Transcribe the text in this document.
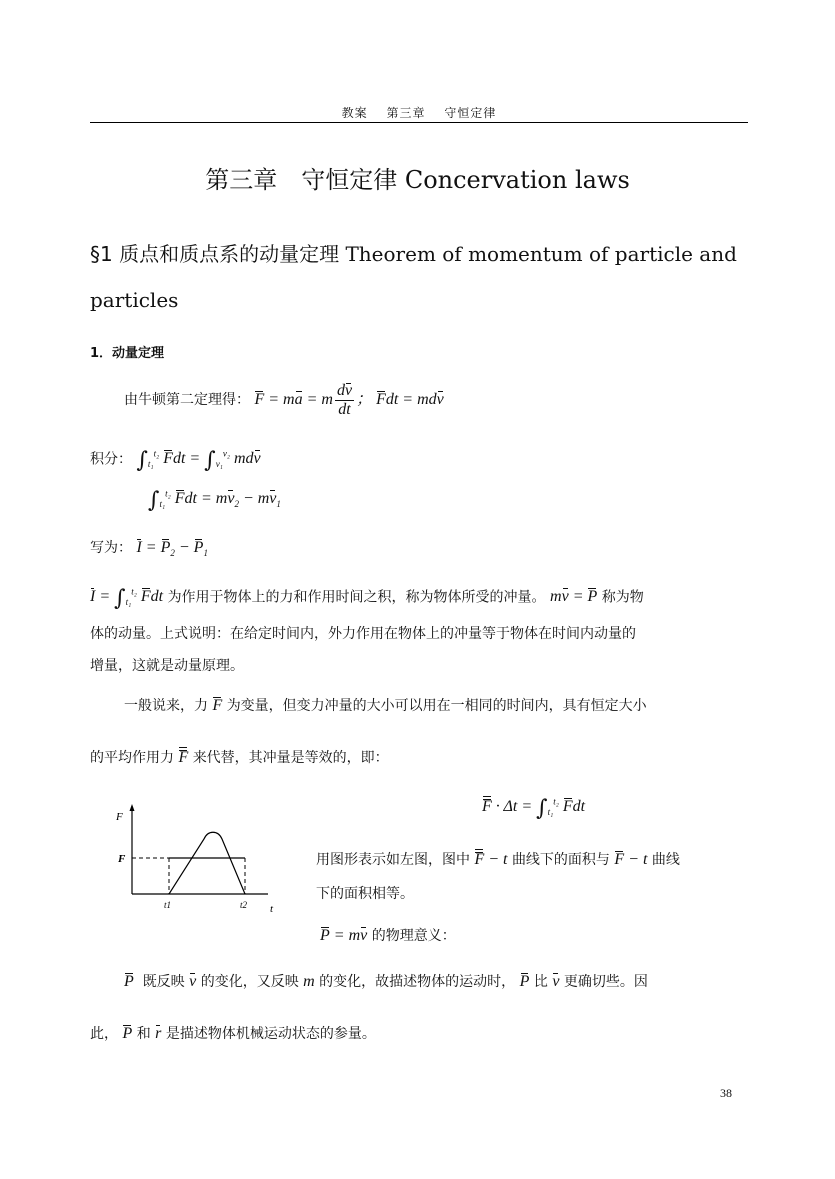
教案 第三章 守恒定律
第三章　守恒定律 Concervation laws
§1 质点和质点系的动量定理 Theorem of momentum of particle and
particles
1．动量定理
由牛顿第二定理得： F = ma = m $\frac{dv}{dt}$ ； Fdt = mdv
积分： $\int_{t_1}^{t_2}$ Fdt = $\int_{v_1}^{v_2}$ mdv
$\int_{t_1}^{t_2}$ Fdt = $mv_2 - mv_1$
写为： $I = P_2 - P_1$
$I = \int_{t_1}^{t_2}$ Fdt 为作用于物体上的力和作用时间之积，称为物体所受的冲量。 mv = P 称为物
体的动量。上式说明：在给定时间内，外力作用在物体上的冲量等于物体在时间内动量的
增量，这就是动量原理。
一般说来，力 F 为变量，但变力冲量的大小可以用在一相同的时间内，具有恒定大小
的平均作用力 F 来代替，其冲量是等效的，即：
$F \cdot \Delta t = \int_{t_1}^{t_2}$ Fdt
F
F
t1	t2 t
用图形表示如左图，图中 F − t 曲线下的面积与 F − t 曲线
下的面积相等。
P = mv 的物理意义：
P 既反映 v 的变化，又反映 m 的变化，故描述物体的运动时， P 比 v 更确切些。因
此， P 和 r 是描述物体机械运动状态的参量。
38
